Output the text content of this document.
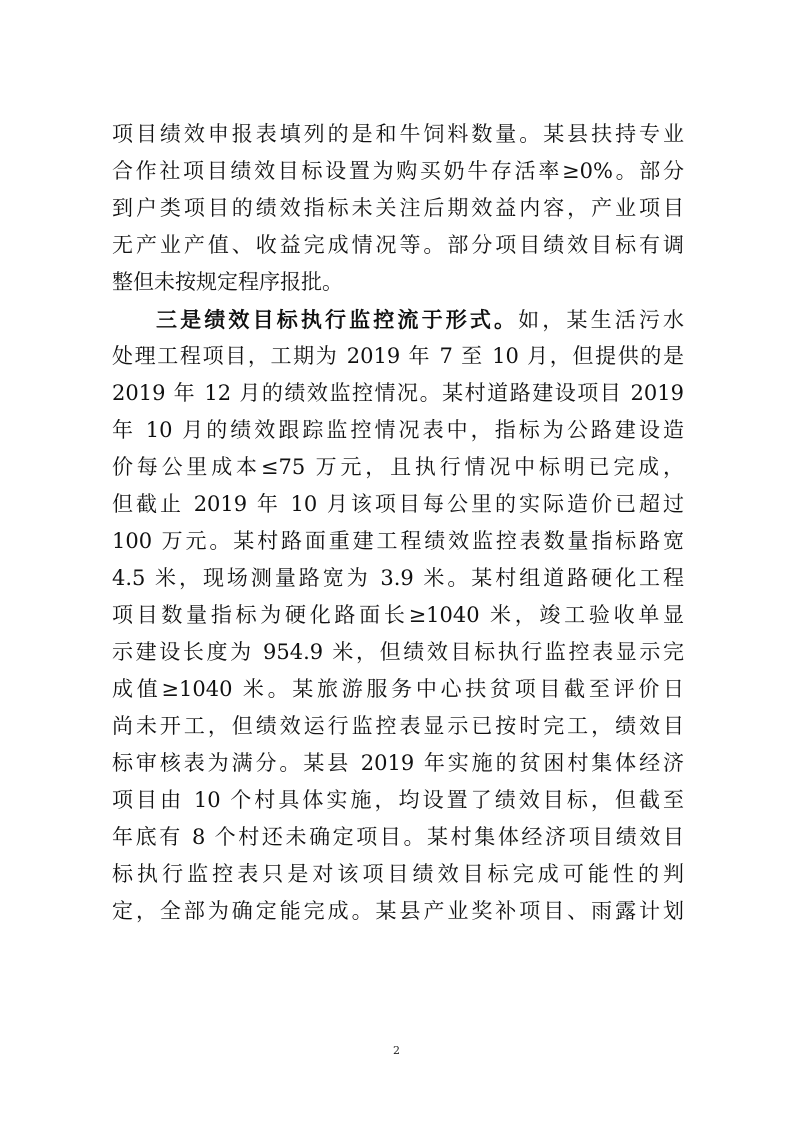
项目绩效申报表填列的是和牛饲料数量。某县扶持专业
合作社项目绩效目标设置为购买奶牛存活率≥0%。部分
到户类项目的绩效指标未关注后期效益内容，产业项目
无产业产值、收益完成情况等。部分项目绩效目标有调
整但未按规定程序报批。
三是绩效目标执行监控流于形式。如，某生活污水
处理工程项目，工期为 2019 年 7 至 10 月，但提供的是
2019 年 12 月的绩效监控情况。某村道路建设项目 2019
年 10 月的绩效跟踪监控情况表中，指标为公路建设造
价每公里成本≤75 万元，且执行情况中标明已完成，
但截止 2019 年 10 月该项目每公里的实际造价已超过
100 万元。某村路面重建工程绩效监控表数量指标路宽
4.5 米，现场测量路宽为 3.9 米。某村组道路硬化工程
项目数量指标为硬化路面长≥1040 米，竣工验收单显
示建设长度为 954.9 米，但绩效目标执行监控表显示完
成值≥1040 米。某旅游服务中心扶贫项目截至评价日
尚未开工，但绩效运行监控表显示已按时完工，绩效目
标审核表为满分。某县 2019 年实施的贫困村集体经济
项目由 10 个村具体实施，均设置了绩效目标，但截至
年底有 8 个村还未确定项目。某村集体经济项目绩效目
标执行监控表只是对该项目绩效目标完成可能性的判
定，全部为确定能完成。某县产业奖补项目、雨露计划
2
